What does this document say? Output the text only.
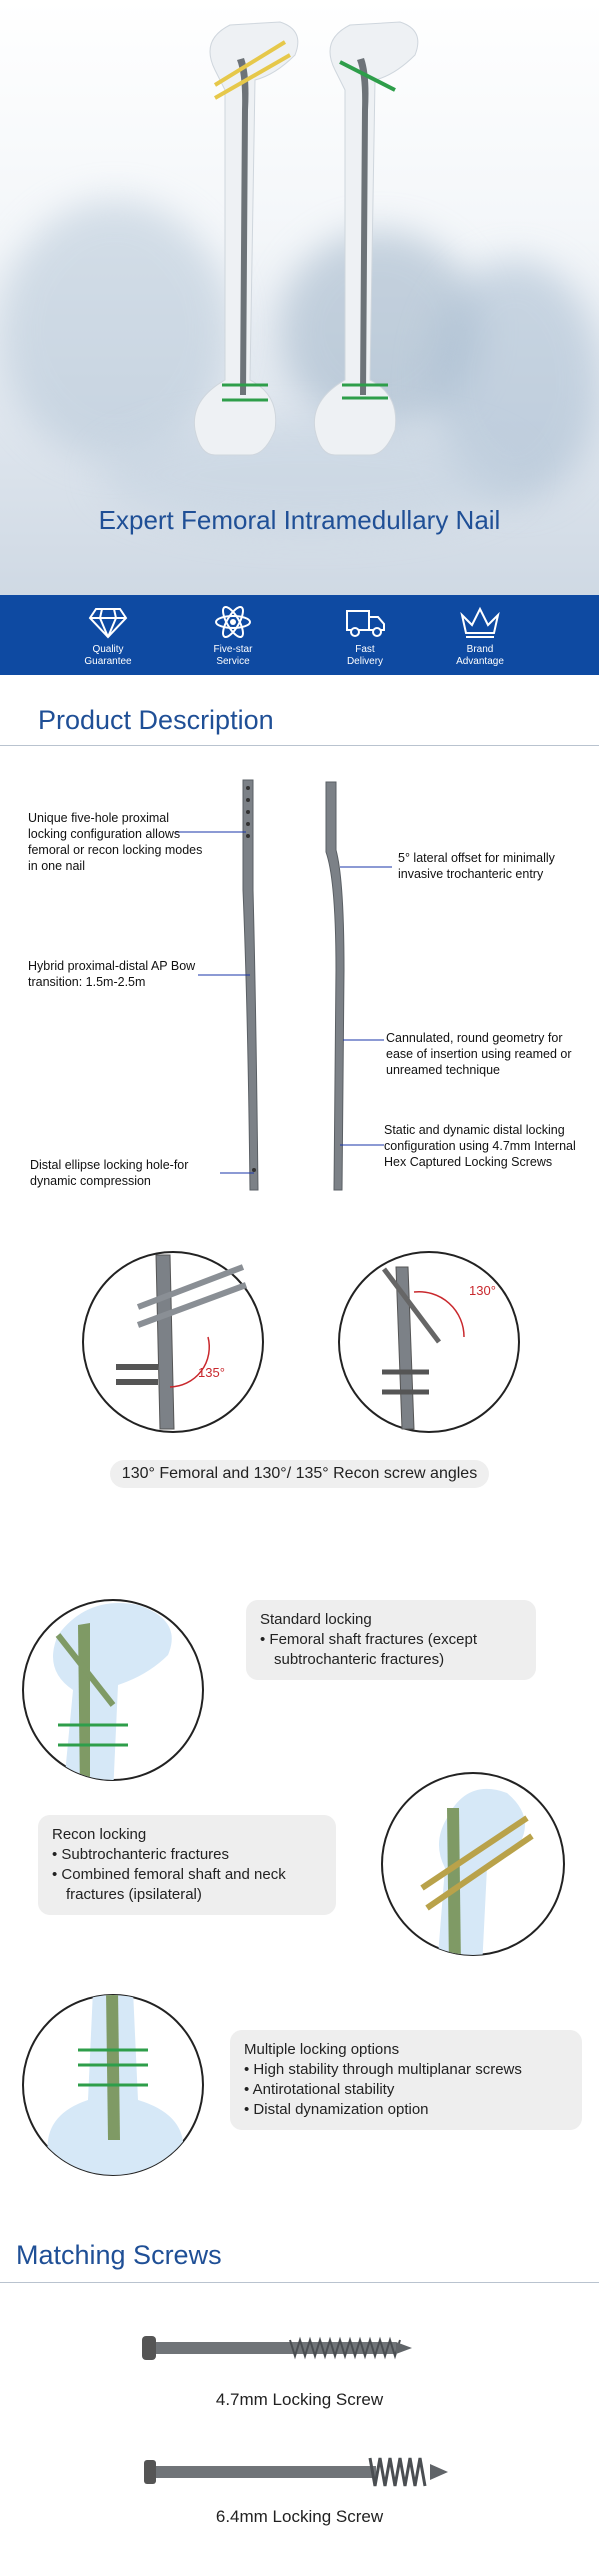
Expert Femoral Intramedullary Nail
Quality
Guarantee
Five-star
Service
Fast
Delivery
Brand
Advantage
Product Description
Unique five-hole proximal locking configuration allows femoral or recon locking modes in one nail
Hybrid proximal-distal AP Bow transition: 1.5m-2.5m
Distal ellipse locking hole-for dynamic compression
5° lateral offset for minimally invasive trochanteric entry
Cannulated, round geometry for ease of insertion using reamed or unreamed technique
Static and dynamic distal locking configuration using 4.7mm Internal Hex Captured Locking Screws
135°
130°
130° Femoral and 130°/ 135° Recon screw angles
Standard locking
• Femoral shaft fractures (except subtrochanteric fractures)
Recon locking
• Subtrochanteric fractures
• Combined femoral shaft and neck fractures (ipsilateral)
Multiple locking options
• High stability through multiplanar screws
• Antirotational stability
• Distal dynamization option
Matching Screws
4.7mm Locking Screw
6.4mm Locking Screw
